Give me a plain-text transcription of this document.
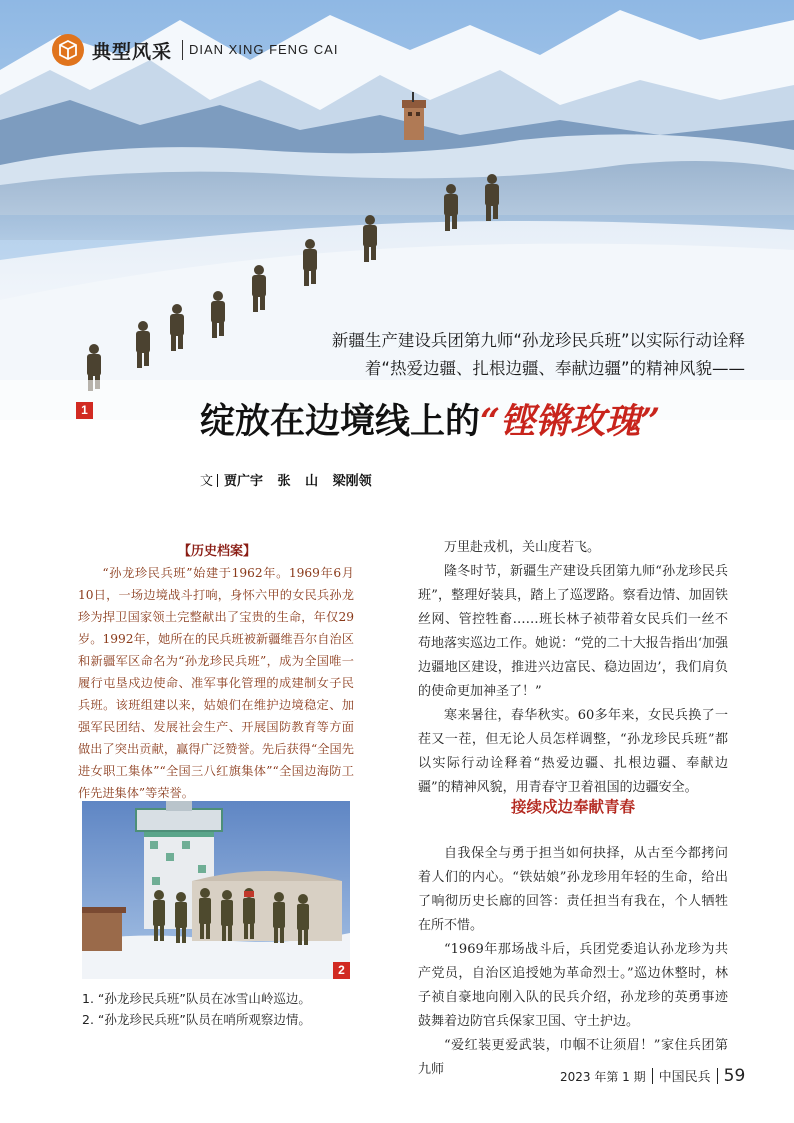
典型风采 DIAN XING FENG CAI
新疆生产建设兵团第九师“孙龙珍民兵班”以实际行动诠释
着“热爱边疆、扎根边疆、奉献边疆”的精神风貌——
1	绽放在边境线上的“铿锵玫瑰”
文 贾广宇 张 山 梁刚领
【历史档案】

“孙龙珍民兵班”始建于1962年。1969年6月10日，一场边境战斗打响，身怀六甲的女民兵孙龙珍为捍卫国家领土完整献出了宝贵的生命，年仅29岁。1992年，她所在的民兵班被新疆维吾尔自治区和新疆军区命名为“孙龙珍民兵班”，成为全国唯一履行屯垦戍边使命、准军事化管理的成建制女子民兵班。该班组建以来，姑娘们在维护边境稳定、加强军民团结、发展社会生产、开展国防教育等方面做出了突出贡献，赢得广泛赞誉。先后获得“全国先进女职工集体”“全国三八红旗集体”“全国边海防工作先进集体”等荣誉。

2
1. “孙龙珍民兵班”队员在冰雪山岭巡边。
2. “孙龙珍民兵班”队员在哨所观察边情。

万里赴戎机，关山度若飞。

隆冬时节，新疆生产建设兵团第九师“孙龙珍民兵班”，整理好装具，踏上了巡逻路。察看边情、加固铁丝网、管控牲畜……班长林子祯带着女民兵们一丝不苟地落实巡边工作。她说：“党的二十大报告指出‘加强边疆地区建设，推进兴边富民、稳边固边’，我们肩负的使命更加神圣了！”

寒来暑往，春华秋实。60多年来，女民兵换了一茬又一茬，但无论人员怎样调整，“孙龙珍民兵班”都以实际行动诠释着“热爱边疆、扎根边疆、奉献边疆”的精神风貌，用青春守卫着祖国的边疆安全。

接续戍边奉献青春

自我保全与勇于担当如何抉择，从古至今都拷问着人们的内心。“铁姑娘”孙龙珍用年轻的生命，给出了响彻历史长廊的回答：责任担当有我在，个人牺牲在所不惜。

“1969年那场战斗后，兵团党委追认孙龙珍为共产党员，自治区追授她为革命烈士。”巡边休整时，林子祯自豪地向刚入队的民兵介绍，孙龙珍的英勇事迹鼓舞着边防官兵保家卫国、守土护边。

“爱红装更爱武装，巾帼不让须眉！”家住兵团第九师	2023 年第 1 期 中国民兵 59
